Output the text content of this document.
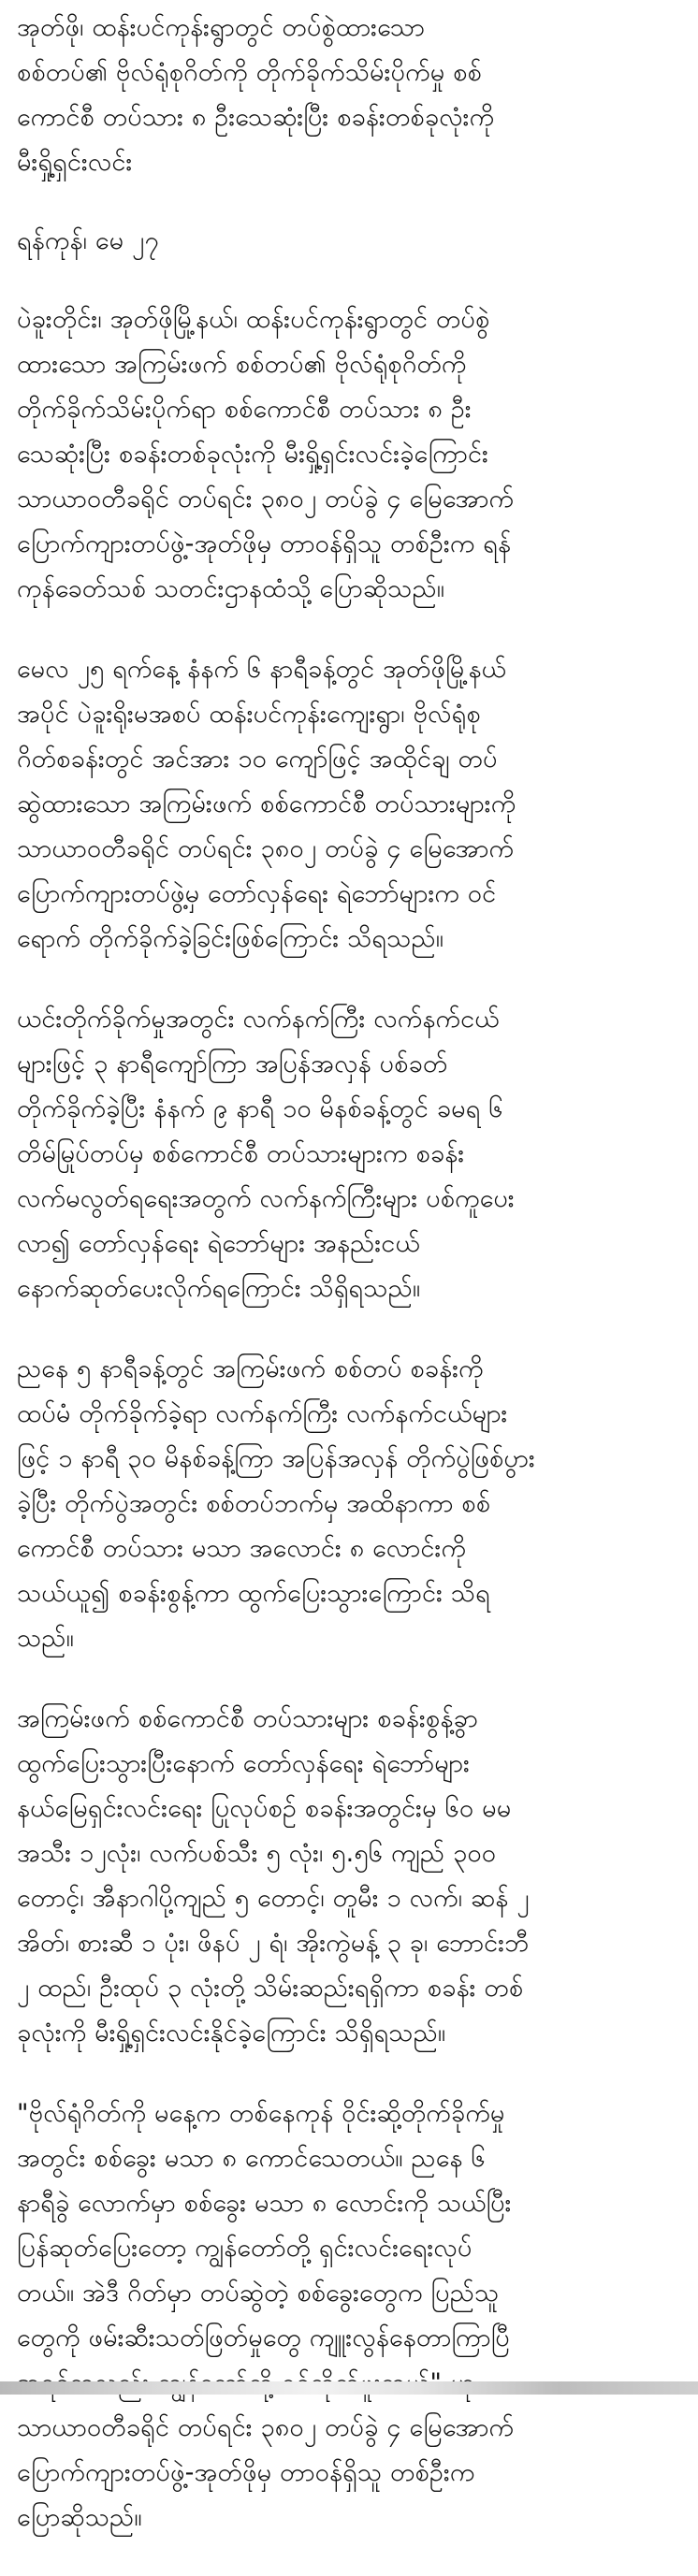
အုတ်ဖို၊ ထန်းပင်ကုန်းရွာတွင် တပ်စွဲထားသော
စစ်တပ်၏ ဗိုလ်ရုံစုဂိတ်ကို တိုက်ခိုက်သိမ်းပိုက်မှု စစ်
ကောင်စီ တပ်သား ၈ ဦးသေဆုံးပြီး စခန်းတစ်ခုလုံးကို
မီးရှို့ရှင်းလင်း

ရန်ကုန်၊ မေ ၂၇

ပဲခူးတိုင်း၊ အုတ်ဖိုမြို့နယ်၊ ထန်းပင်ကုန်းရွာတွင် တပ်စွဲ
ထားသော အကြမ်းဖက် စစ်တပ်၏ ဗိုလ်ရုံစုဂိတ်ကို
တိုက်ခိုက်သိမ်းပိုက်ရာ စစ်ကောင်စီ တပ်သား ၈ ဦး
သေဆုံးပြီး စခန်းတစ်ခုလုံးကို မီးရှို့ရှင်းလင်းခဲ့ကြောင်း
သာယာဝတီခရိုင် တပ်ရင်း ၃၈၀၂ တပ်ခွဲ ၄ မြေအောက်
ပြောက်ကျားတပ်ဖွဲ့-အုတ်ဖိုမှ တာဝန်ရှိသူ တစ်ဦးက ရန်
ကုန်ခေတ်သစ် သတင်းဌာနထံသို့ ပြောဆိုသည်။

မေလ ၂၅ ရက်နေ့ နံနက် ၆ နာရီခန့်တွင် အုတ်ဖိုမြို့နယ်
အပိုင် ပဲခူးရိုးမအစပ် ထန်းပင်ကုန်းကျေးရွာ၊ ဗိုလ်ရုံစု
ဂိတ်စခန်းတွင် အင်အား ၁၀ ကျော်ဖြင့် အထိုင်ချ တပ်
ဆွဲထားသော အကြမ်းဖက် စစ်ကောင်စီ တပ်သားများကို
သာယာဝတီခရိုင် တပ်ရင်း ၃၈၀၂ တပ်ခွဲ ၄ မြေအောက်
ပြောက်ကျားတပ်ဖွဲ့မှ တော်လှန်ရေး ရဲဘော်များက ဝင်
ရောက် တိုက်ခိုက်ခဲ့ခြင်းဖြစ်ကြောင်း သိရသည်။

ယင်းတိုက်ခိုက်မှုအတွင်း လက်နက်ကြီး လက်နက်ငယ်
များဖြင့် ၃ နာရီကျော်ကြာ အပြန်အလှန် ပစ်ခတ်
တိုက်ခိုက်ခဲ့ပြီး နံနက် ၉ နာရီ ၁၀ မိနစ်ခန့်တွင် ခမရ ၆
တိမ်မြုပ်တပ်မှ စစ်ကောင်စီ တပ်သားများက စခန်း
လက်မလွတ်ရရေးအတွက် လက်နက်ကြီးများ ပစ်ကူပေး
လာ၍ တော်လှန်ရေး ရဲဘော်များ အနည်းငယ်
နောက်ဆုတ်ပေးလိုက်ရကြောင်း သိရှိရသည်။

ညနေ ၅ နာရီခန့်တွင် အကြမ်းဖက် စစ်တပ် စခန်းကို
ထပ်မံ တိုက်ခိုက်ခဲ့ရာ လက်နက်ကြီး လက်နက်ငယ်များ
ဖြင့် ၁ နာရီ ၃၀ မိနစ်ခန့်ကြာ အပြန်အလှန် တိုက်ပွဲဖြစ်ပွား
ခဲ့ပြီး တိုက်ပွဲအတွင်း စစ်တပ်ဘက်မှ အထိနာကာ စစ်
ကောင်စီ တပ်သား မသာ အလောင်း ၈ လောင်းကို
သယ်ယူ၍ စခန်းစွန့်ကာ ထွက်ပြေးသွားကြောင်း သိရ
သည်။

အကြမ်းဖက် စစ်ကောင်စီ တပ်သားများ စခန်းစွန့်ခွာ
ထွက်ပြေးသွားပြီးနောက် တော်လှန်ရေး ရဲဘော်များ
နယ်မြေရှင်းလင်းရေး ပြုလုပ်စဉ် စခန်းအတွင်းမှ ၆၀ မမ
အသီး ၁၂လုံး၊ လက်ပစ်သီး ၅ လုံး၊ ၅.၅၆ ကျည် ၃၀၀
တောင့်၊ အီနာဂါပို့ကျည် ၅ တောင့်၊ တူမီး ၁ လက်၊ ဆန် ၂
အိတ်၊ စားဆီ ၁ ပုံး၊ ဖိနပ် ၂ ရံ၊ အိုးကွဲမန့် ၃ ခု၊ ဘောင်းဘီ
၂ ထည်၊ ဦးထုပ် ၃ လုံးတို့ သိမ်းဆည်းရရှိကာ စခန်း တစ်
ခုလုံးကို မီးရှို့ရှင်းလင်းနိုင်ခဲ့ကြောင်း သိရှိရသည်။

"ဗိုလ်ရုံဂိတ်ကို မနေ့က တစ်နေကုန် ဝိုင်းဆို့တိုက်ခိုက်မှု
အတွင်း စစ်ခွေး မသာ ၈ ကောင်သေတယ်။ ညနေ ၆
နာရီခွဲ လောက်မှာ စစ်ခွေး မသာ ၈ လောင်းကို သယ်ပြီး
ပြန်ဆုတ်ပြေးတော့ ကျွန်တော်တို့ ရှင်းလင်းရေးလုပ်
တယ်။ အဲဒီ ဂိတ်မှာ တပ်ဆွဲတဲ့ စစ်ခွေးတွေက ပြည်သူ
တွေကို ဖမ်းဆီးသတ်ဖြတ်မှုတွေ ကျူးလွန်နေတာကြာပြီ

သာယာဝတီခရိုင် တပ်ရင်း ၃၈၀၂ တပ်ခွဲ ၄ မြေအောက်
ပြောက်ကျားတပ်ဖွဲ့-အုတ်ဖိုမှ တာဝန်ရှိသူ တစ်ဦးက
ပြောဆိုသည်။
